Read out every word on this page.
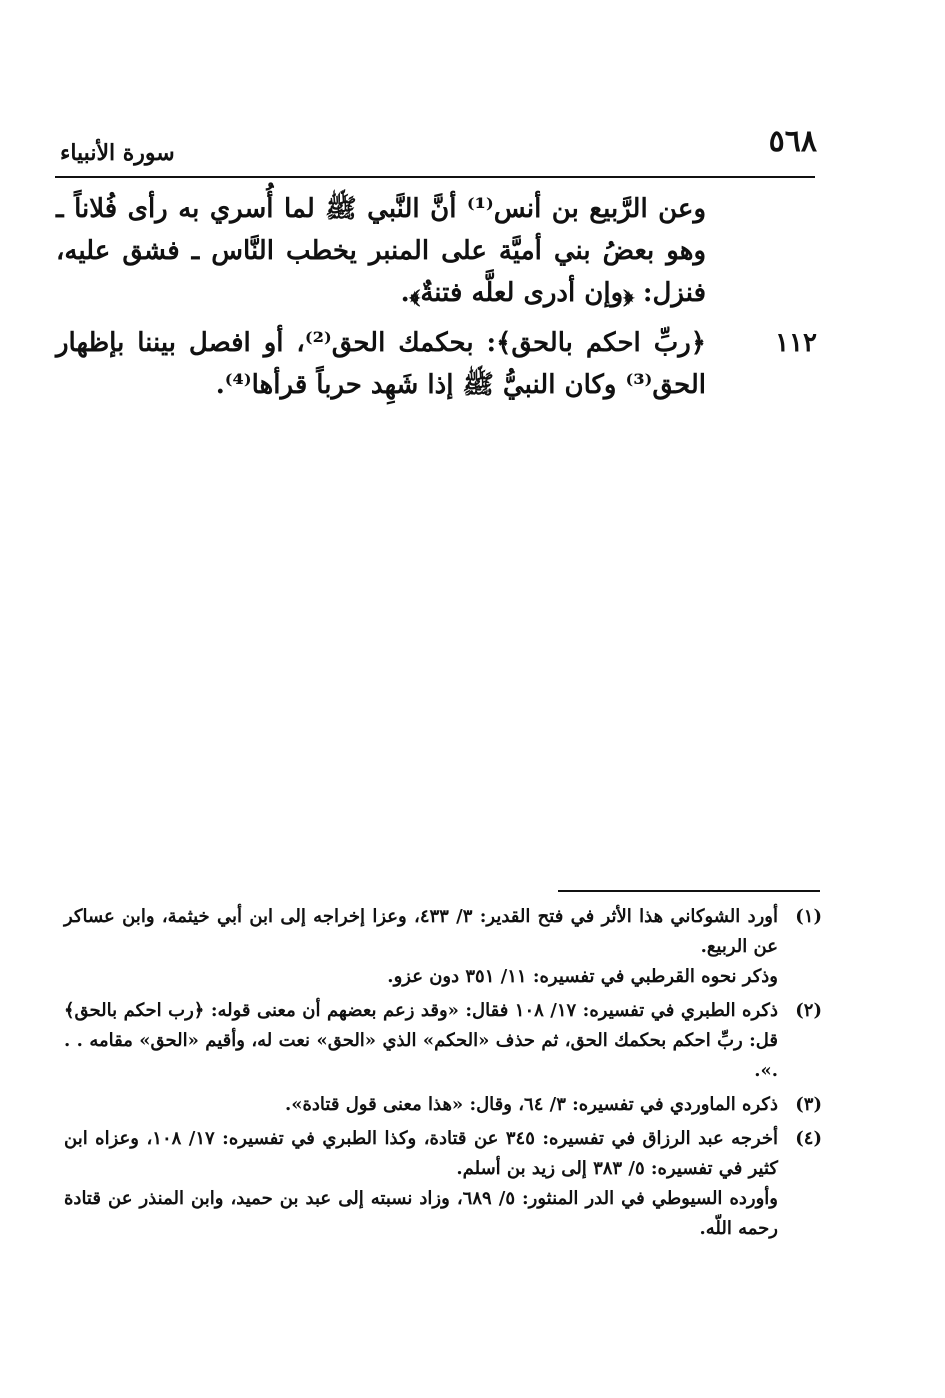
٥٦٨
سورة الأنبياء
وعن الرَّبيع بن أنس⁽¹⁾ أنَّ النَّبي ﷺ لما أُسري به رأى فُلاناً ـ وهو بعضُ بني أميَّة على المنبر يخطب النَّاس ـ فشق عليه، فنزل: ﴿وإن أدرى لعلَّه فتنةٌ﴾.
١١٢
﴿ربِّ احكم بالحق﴾: بحكمك الحق⁽²⁾، أو افصل بيننا بإظهار الحق⁽³⁾ وكان النبيُّ ﷺ إذا شَهِد حرباً قرأها⁽⁴⁾.
(١)
أورد الشوكاني هذا الأثر في فتح القدير: ٣/ ٤٣٣، وعزا إخراجه إلى ابن أبي خيثمة، وابن عساكر عن الربيع.
وذكر نحوه القرطبي في تفسيره: ١١/ ٣٥١ دون عزو.
(٢)
ذكره الطبري في تفسيره: ١٧/ ١٠٨ فقال: «وقد زعم بعضهم أن معنى قوله: ﴿رب احكم بالحق﴾ قل: ربِّ احكم بحكمك الحق، ثم حذف «الحكم» الذي «الحق» نعت له، وأقيم «الحق» مقامه . . .».
(٣)
ذكره الماوردي في تفسيره: ٣/ ٦٤، وقال: «هذا معنى قول قتادة».
(٤)
أخرجه عبد الرزاق في تفسيره: ٣٤٥ عن قتادة، وكذا الطبري في تفسيره: ١٧/ ١٠٨، وعزاه ابن كثير في تفسيره: ٥/ ٣٨٣ إلى زيد بن أسلم.
وأورده السيوطي في الدر المنثور: ٥/ ٦٨٩، وزاد نسبته إلى عبد بن حميد، وابن المنذر عن قتادة رحمه اللّه.
